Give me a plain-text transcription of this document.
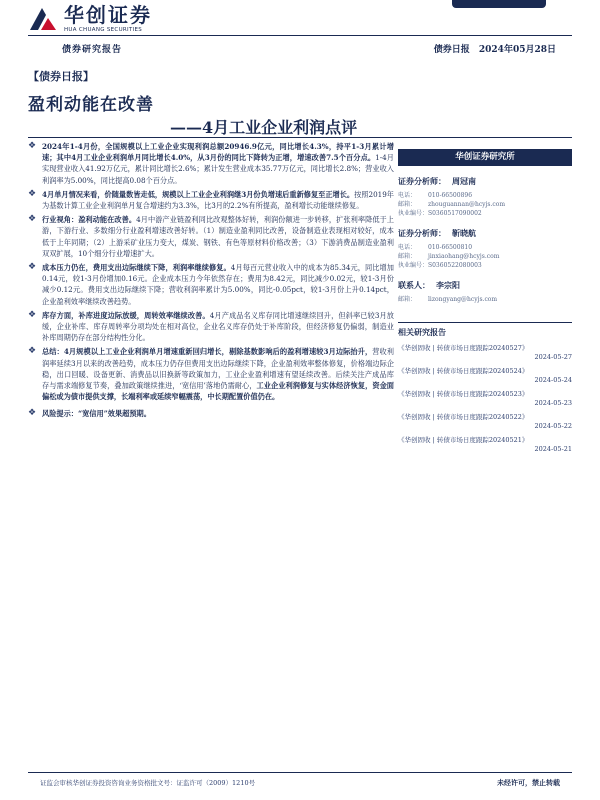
华创证券
HUA CHUANG SECURITIES
债券研究报告	债券日报 2024年05月28日
【债券日报】
盈利动能在改善
——4月工业企业利润点评
❖ 2024年1-4月份，全国规模以上工业企业实现利润总额20946.9亿元，同比增长4.3%，持平1-3月累计增速；其中4月工业企业利润单月同比增长4.0%，从3月份的同比下降转为正增，增速改善7.5个百分点。1-4月实现营业收入41.92万亿元，累计同比增长2.6%；累计发生营业成本35.77万亿元，同比增长2.8%；营业收入利润率为5.00%，同比提高0.08个百分点。
❖ 4月单月情况来看，价随量数皆走低，规模以上工业企业利润继3月份负增速后重新修复至正增长。按照2019年为基数计算工业企业利润单月复合增速约为3.3%，比3月的2.2%有所提高，盈利增长动能继续修复。
❖ 行业视角：盈利动能在改善。4月中游产业链盈利同比改观整体好转，利润份额进一步转移，扩张利率降低于上游，下游行业、多数细分行业盈利增速改善好转。（1）制造业盈利同比改善，设备制造业表现相对较好，成本低于上年同期；（2）上游采矿业压力变大，煤炭、钢铁、有色等原材料价格改善；（3）下游消费品制造业盈利双双扩展，10个细分行业增速扩大。
❖ 成本压力仍在，费用支出边际继续下降，利润率继续修复。4月每百元营业收入中的成本为85.34元，同比增加0.14元，较1-3月份增加0.16元。企业成本压力今年依然存在；费用为8.42元，同比减少0.02元，较1-3月份减少0.12元。费用支出边际继续下降；营收利润率累计为5.00%，同比-0.05pct，较1-3月份上升0.14pct，企业盈利效率继续改善趋势。
❖ 库存方面，补库进度边际放缓，周转效率继续改善。4月产成品名义库存同比增速继续回升，但斜率已较3月放缓，企业补库、库存周转率分项均处在相对高位，企业名义库存仍处于补库阶段，但经济修复仍偏弱，制造业补库周期仍存在部分结构性分化。
❖ 总结：4月规模以上工业企业利润单月增速重新回归增长，剔除基数影响后的盈利增速较3月边际抬升，营收利润率延续3月以来的改善趋势，成本压力仍存但费用支出边际继续下降，企业盈利效率整体修复，价格端边际企稳，出口回暖、设备更新、消费品以旧换新等政策加力，工业企业盈利增速有望延续改善。后续关注产成品库存与需求端修复节奏，叠加政策继续推进，‘宽信用’落地仍需耐心，工业企业利润修复与实体经济恢复，资金面偏松或为债市提供支撑，长端利率或延续窄幅震荡，中长期配置价值仍在。
❖ 风险提示：“宽信用”效果超预期。
华创证券研究所
证券分析师： 周冠南
电话：	010-66500896
邮箱：	zhouguannan@hcyjs.com
执业编号： S0360517090002
证券分析师： 靳晓航
电话：	010-66500810
邮箱：	jinxiaohang@hcyjs.com
执业编号： S0360522080003
联系人： 李宗阳
邮箱：	lizongyang@hcyjs.com
相关研究报告
《华创固收 | 转债市场日度跟踪20240527》
2024-05-27
《华创固收 | 转债市场日度跟踪20240524》
2024-05-24
《华创固收 | 转债市场日度跟踪20240523》
2024-05-23
《华创固收 | 转债市场日度跟踪20240522》
2024-05-22
《华创固收 | 转债市场日度跟踪20240521》
2024-05-21
证监会审核华创证券投资咨询业务资格批文号：证监许可（2009）1210号	未经许可，禁止转载
